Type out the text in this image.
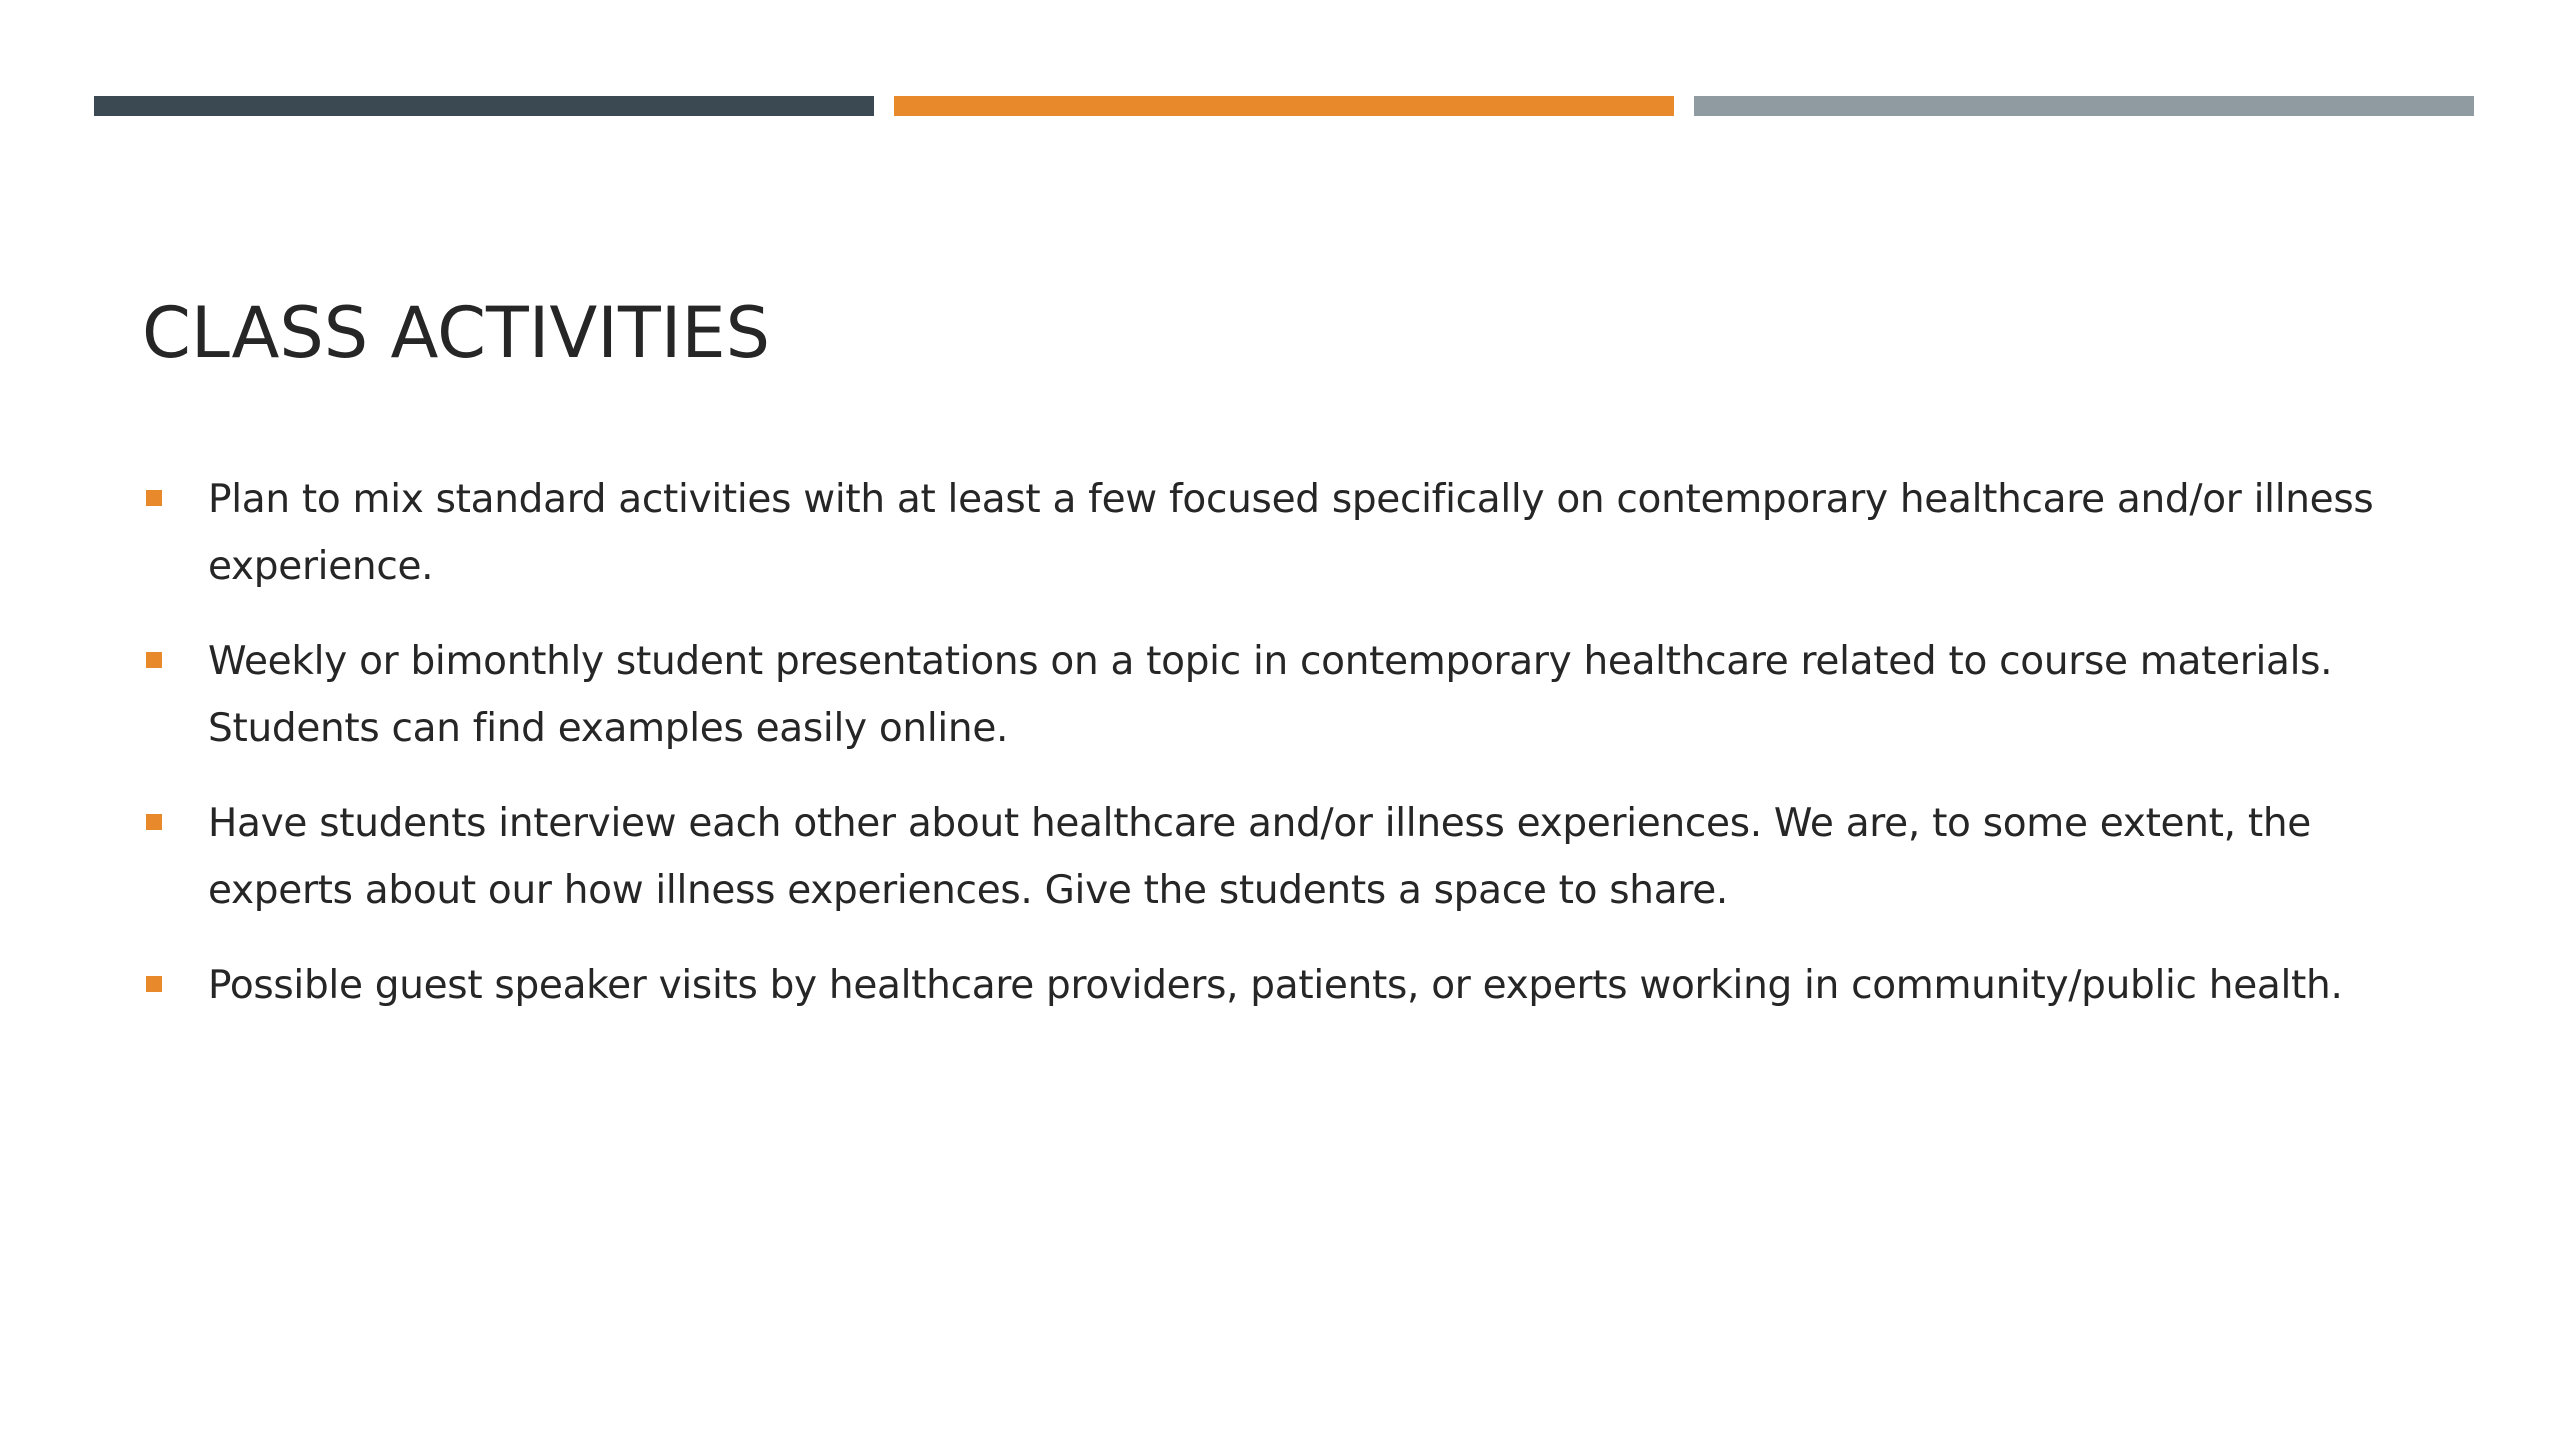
CLASS ACTIVITIES
Plan to mix standard activities with at least a few focused specifically on contemporary healthcare and/or illness experience.
Weekly or bimonthly student presentations on a topic in contemporary healthcare related to course materials. Students can find examples easily online.
Have students interview each other about healthcare and/or illness experiences. We are, to some extent, the experts about our how illness experiences. Give the students a space to share.
Possible guest speaker visits by healthcare providers, patients, or experts working in community/public health.
